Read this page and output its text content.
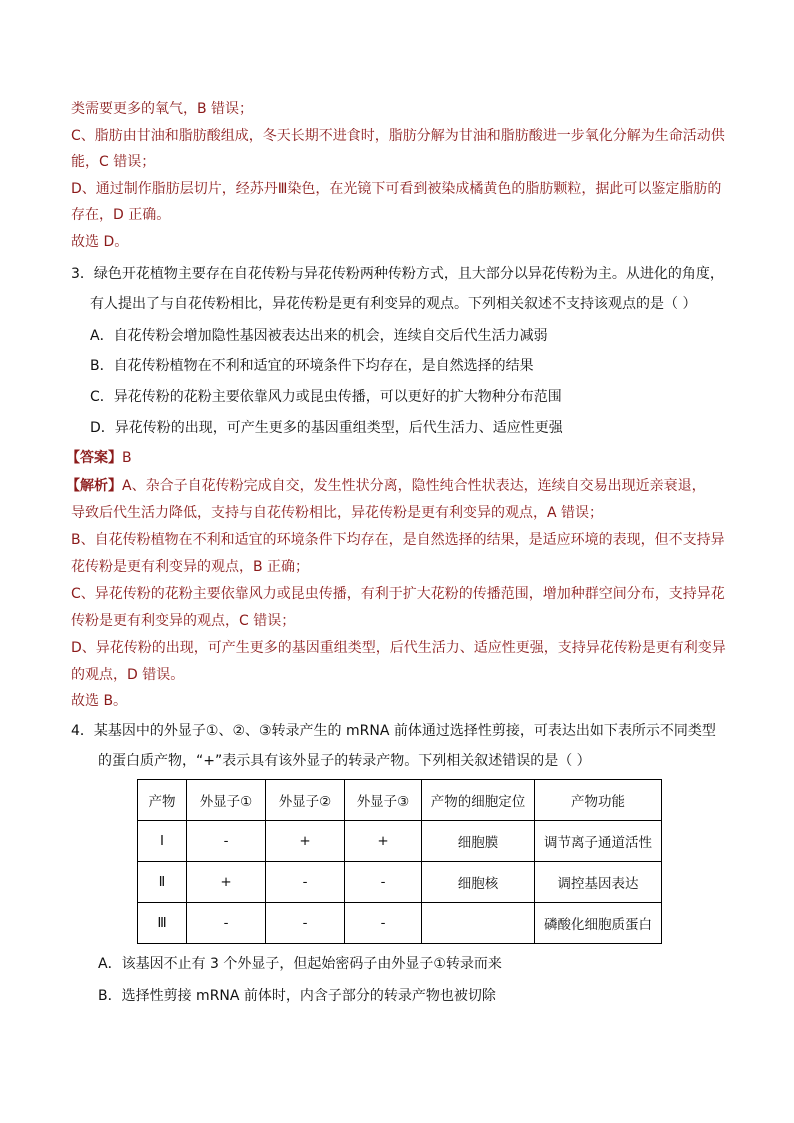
类需要更多的氧气，B 错误；
C、脂肪由甘油和脂肪酸组成，冬天长期不进食时，脂肪分解为甘油和脂肪酸进一步氧化分解为生命活动供
能，C 错误；
D、通过制作脂肪层切片，经苏丹Ⅲ染色，在光镜下可看到被染成橘黄色的脂肪颗粒，据此可以鉴定脂肪的
存在，D 正确。
故选 D。
3．绿色开花植物主要存在自花传粉与异花传粉两种传粉方式，且大部分以异花传粉为主。从进化的角度，
有人提出了与自花传粉相比，异花传粉是更有利变异的观点。下列相关叙述不支持该观点的是（ ）
A．自花传粉会增加隐性基因被表达出来的机会，连续自交后代生活力减弱
B．自花传粉植物在不利和适宜的环境条件下均存在，是自然选择的结果
C．异花传粉的花粉主要依靠风力或昆虫传播，可以更好的扩大物种分布范围
D．异花传粉的出现，可产生更多的基因重组类型，后代生活力、适应性更强
【答案】B
【解析】A、杂合子自花传粉完成自交，发生性状分离，隐性纯合性状表达，连续自交易出现近亲衰退，
导致后代生活力降低，支持与自花传粉相比，异花传粉是更有利变异的观点，A 错误；
B、自花传粉植物在不利和适宜的环境条件下均存在，是自然选择的结果，是适应环境的表现，但不支持异
花传粉是更有利变异的观点，B 正确；
C、异花传粉的花粉主要依靠风力或昆虫传播，有利于扩大花粉的传播范围，增加种群空间分布，支持异花
传粉是更有利变异的观点，C 错误；
D、异花传粉的出现，可产生更多的基因重组类型，后代生活力、适应性更强，支持异花传粉是更有利变异
的观点，D 错误。
故选 B。
4．某基因中的外显子①、②、③转录产生的 mRNA 前体通过选择性剪接，可表达出如下表所示不同类型
的蛋白质产物，“+”表示具有该外显子的转录产物。下列相关叙述错误的是（ ）
产物	外显子①	外显子②	外显子③	产物的细胞定位	产物功能
Ⅰ	-	+	+	细胞膜	调节离子通道活性
Ⅱ	+	-	-	细胞核	调控基因表达
Ⅲ	-	-	-		磷酸化细胞质蛋白
A．该基因不止有 3 个外显子，但起始密码子由外显子①转录而来
B．选择性剪接 mRNA 前体时，内含子部分的转录产物也被切除
